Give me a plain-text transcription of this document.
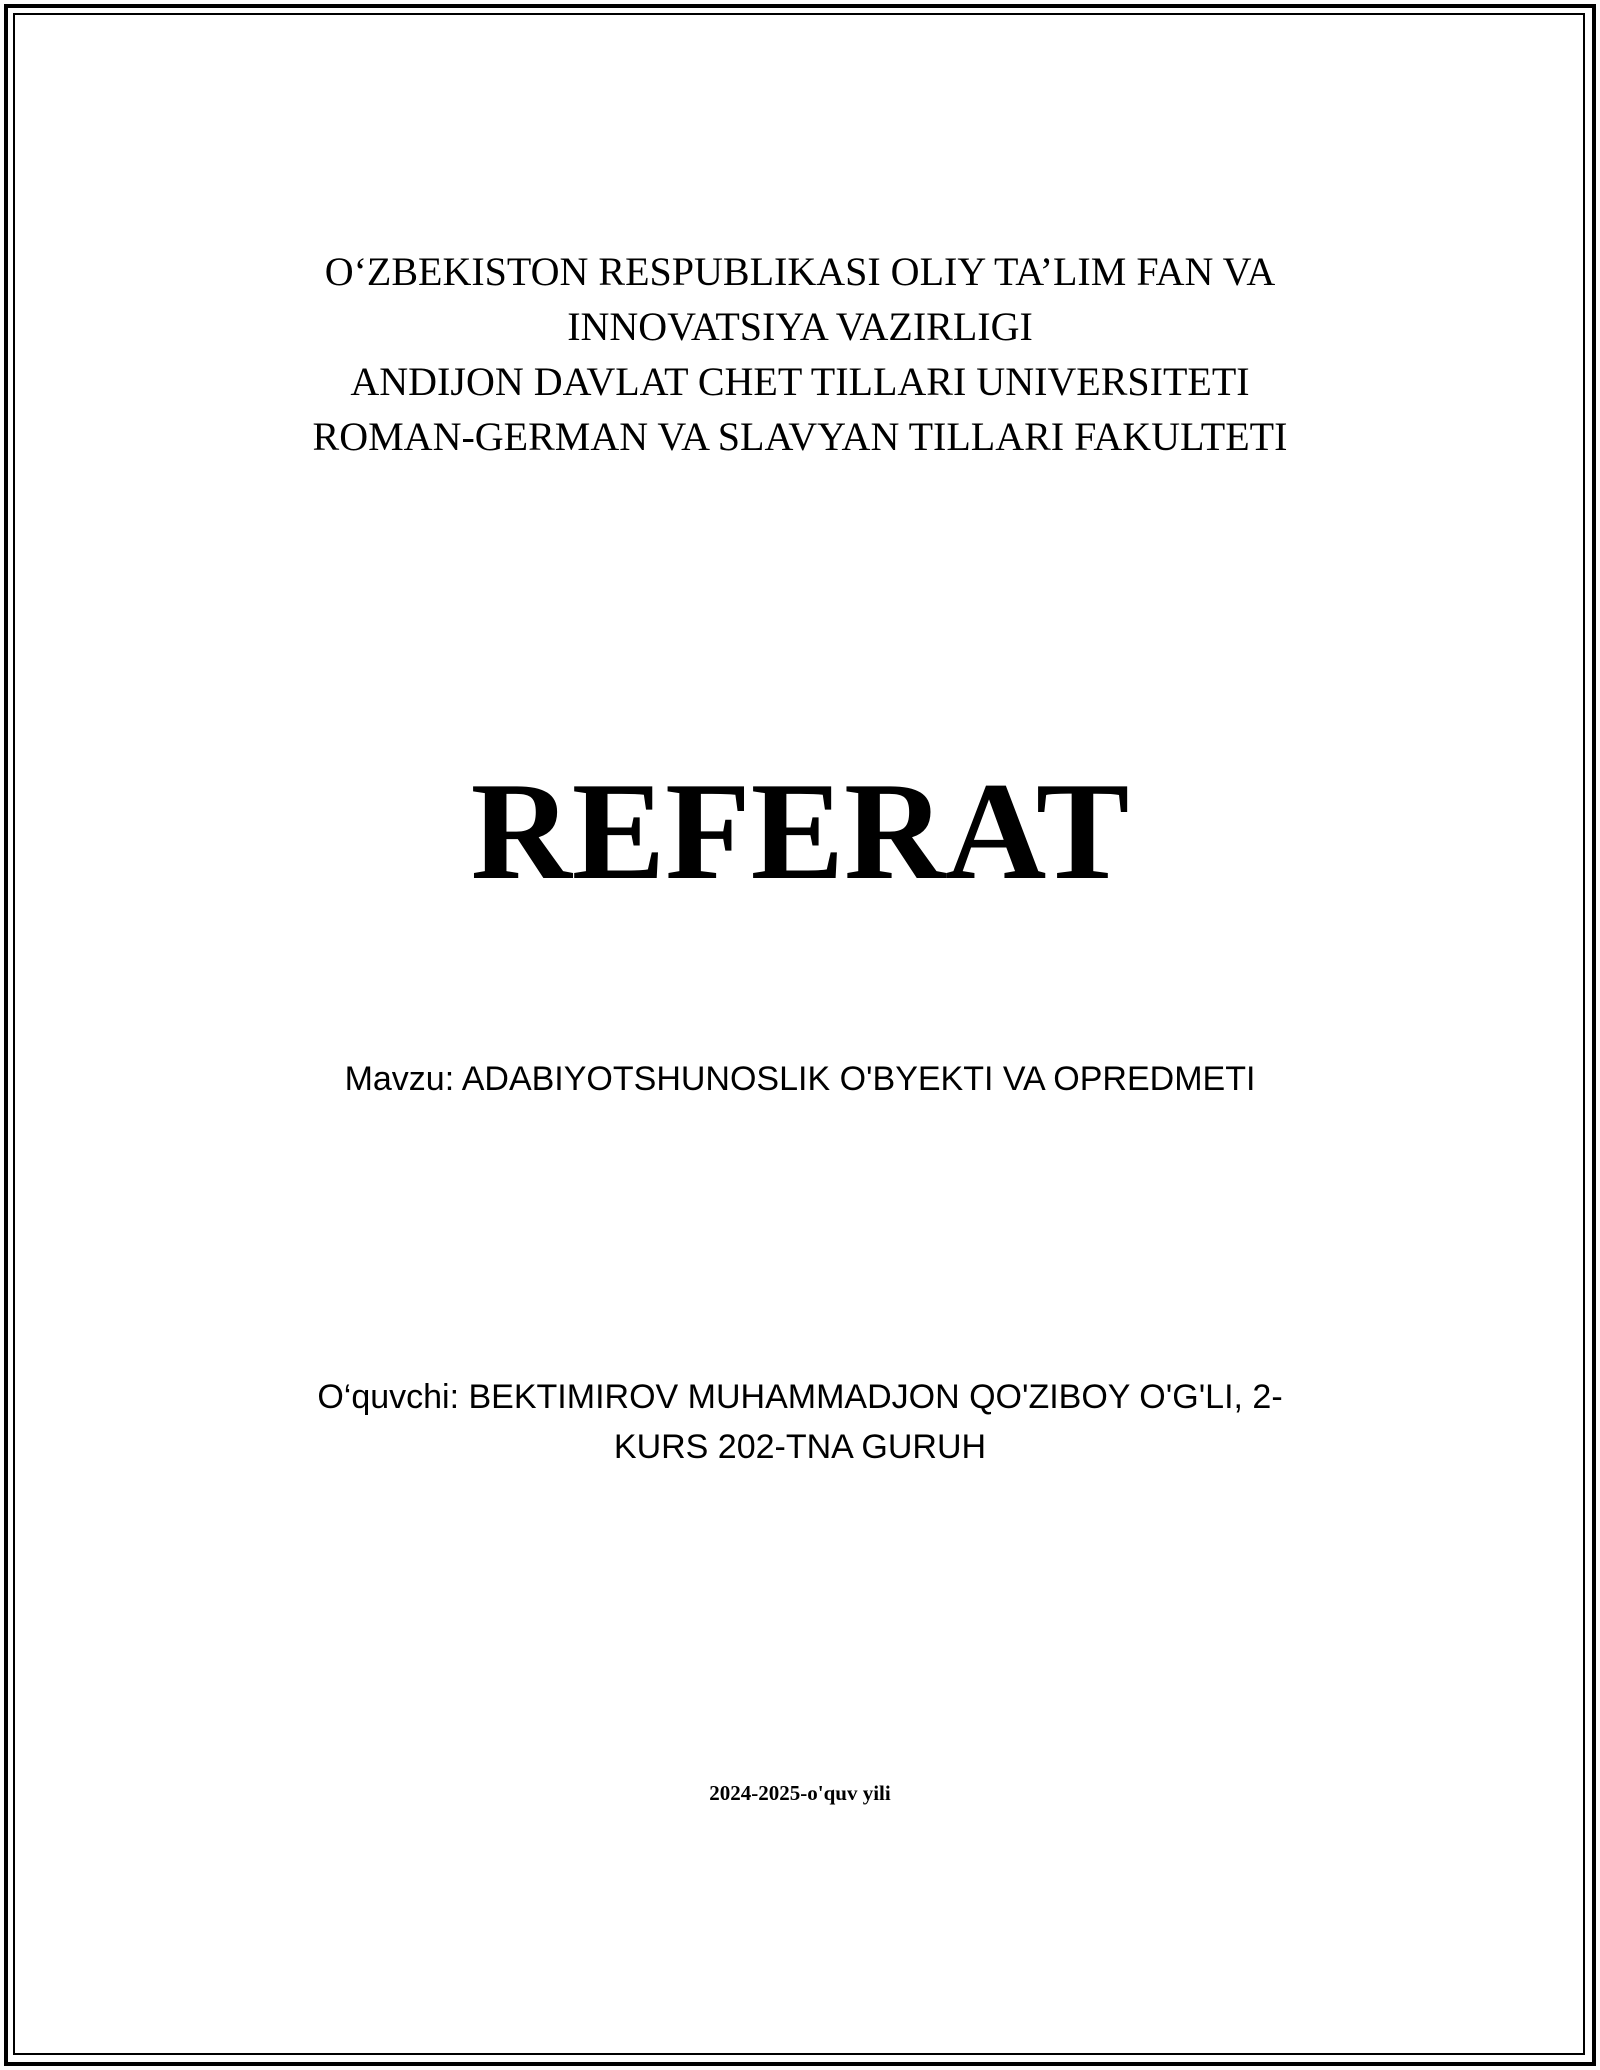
O‘ZBEKISTON RESPUBLIKASI OLIY TA’LIM FAN VA
INNOVATSIYA VAZIRLIGI
ANDIJON DAVLAT CHET TILLARI UNIVERSITETI
ROMAN-GERMAN VA SLAVYAN TILLARI FAKULTETI
REFERAT
Mavzu: ADABIYOTSHUNOSLIK O'BYEKTI VA OPREDMETI
O‘quvchi: BEKTIMIROV MUHAMMADJON QO'ZIBOY O'G'LI, 2-
KURS 202-TNA GURUH
2024-2025-o'quv yili
